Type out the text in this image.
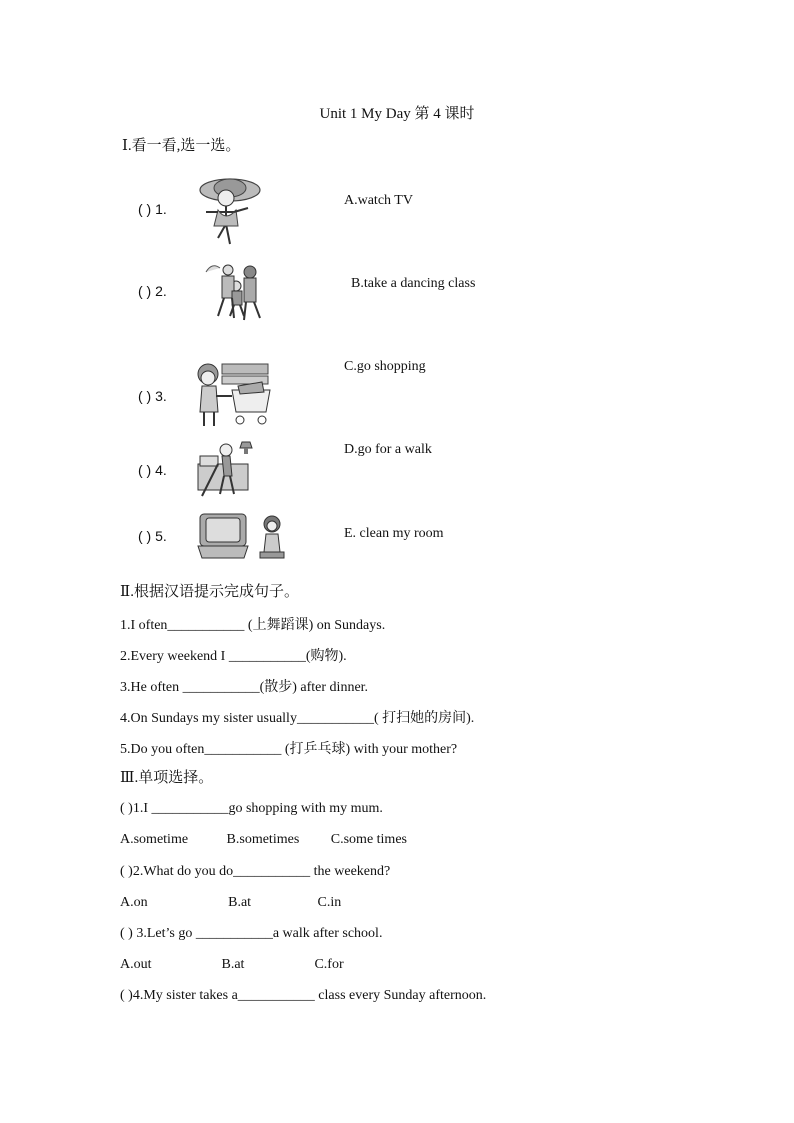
Unit 1 My Day 第 4 课时
Ⅰ.看一看,选一选。
( ) 1.
( ) 2.
( ) 3.
( ) 4.
( ) 5.
A.watch TV
B.take a dancing class
C.go shopping
D.go for a walk
E. clean my room
Ⅱ.根据汉语提示完成句子。
1.I often___________ (上舞蹈课) on Sundays.
2.Every weekend I ___________(购物).
3.He often ___________(散步) after dinner.
4.On Sundays my sister usually___________( 打扫她的房间).
5.Do you often___________ (打乒乓球) with your mother?
Ⅲ.单项选择。
( )1.I ___________go shopping with my mum.
A.sometime           B.sometimes         C.some times
( )2.What do you do___________ the weekend?
A.on                       B.at                   C.in
( ) 3.Let’s go ___________a walk after school.
A.out                    B.at                    C.for
( )4.My sister takes a___________ class every Sunday afternoon.
